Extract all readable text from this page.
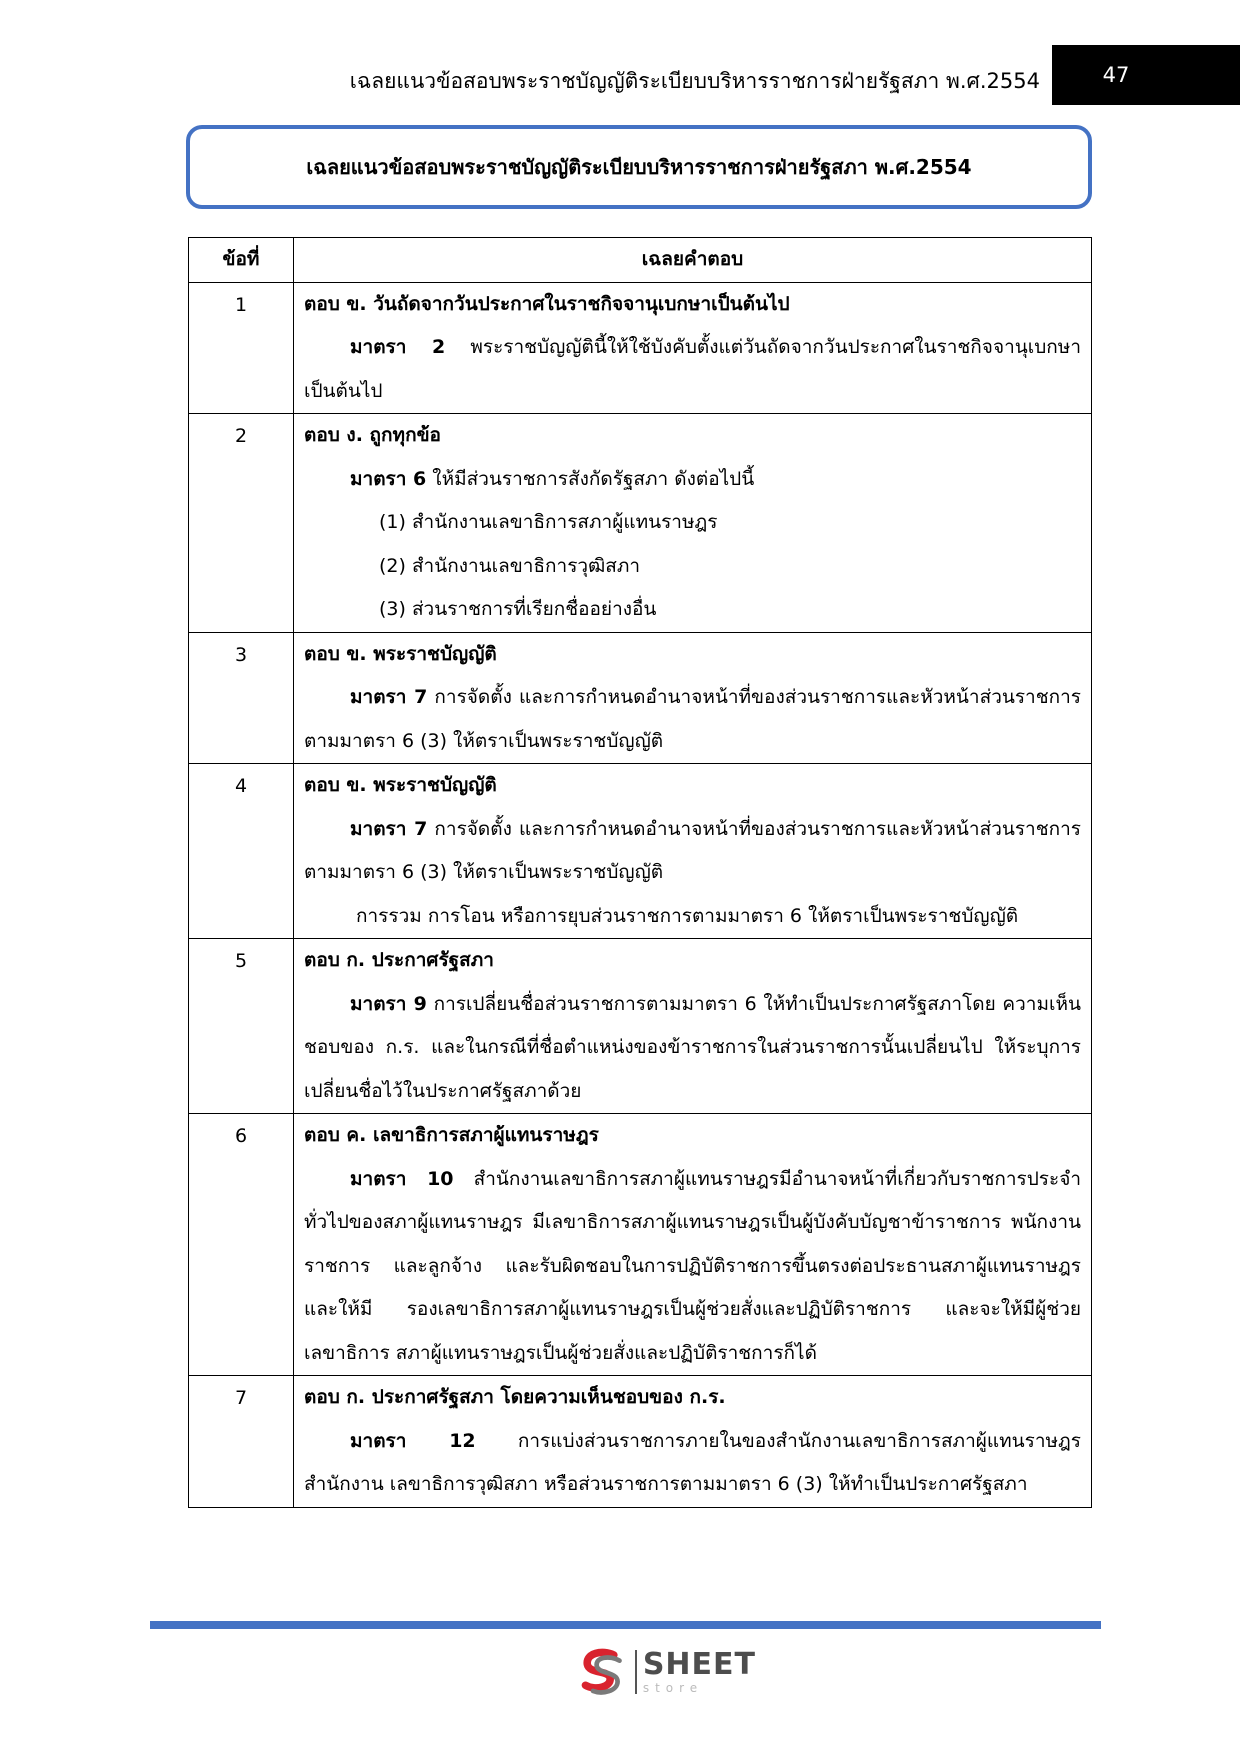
เฉลยแนวข้อสอบพระราชบัญญัติระเบียบบริหารราชการฝ่ายรัฐสภา พ.ศ.2554	47
เฉลยแนวข้อสอบพระราชบัญญัติระเบียบบริหารราชการฝ่ายรัฐสภา พ.ศ.2554
ข้อที่	เฉลยคำตอบ
1	ตอบ ข. วันถัดจากวันประกาศในราชกิจจานุเบกษาเป็นต้นไป
มาตรา 2 พระราชบัญญัตินี้ให้ใช้บังคับตั้งแต่วันถัดจากวันประกาศในราชกิจจานุเบกษา เป็นต้นไป

2	ตอบ ง. ถูกทุกข้อ
มาตรา 6 ให้มีส่วนราชการสังกัดรัฐสภา ดังต่อไปนี้
(1) สำนักงานเลขาธิการสภาผู้แทนราษฎร
(2) สำนักงานเลขาธิการวุฒิสภา
(3) ส่วนราชการที่เรียกชื่ออย่างอื่น

3	ตอบ ข. พระราชบัญญัติ
มาตรา 7 การจัดตั้ง และการกำหนดอำนาจหน้าที่ของส่วนราชการและหัวหน้าส่วนราชการ ตามมาตรา 6 (3) ให้ตราเป็นพระราชบัญญัติ

4	ตอบ ข. พระราชบัญญัติ
มาตรา 7 การจัดตั้ง และการกำหนดอำนาจหน้าที่ของส่วนราชการและหัวหน้าส่วนราชการตามมาตรา 6 (3) ให้ตราเป็นพระราชบัญญัติ
การรวม การโอน หรือการยุบส่วนราชการตามมาตรา 6 ให้ตราเป็นพระราชบัญญัติ

5	ตอบ ก. ประกาศรัฐสภา
มาตรา 9 การเปลี่ยนชื่อส่วนราชการตามมาตรา 6 ให้ทำเป็นประกาศรัฐสภาโดย ความเห็นชอบของ ก.ร. และในกรณีที่ชื่อตำแหน่งของข้าราชการในส่วนราชการนั้นเปลี่ยนไป ให้ระบุการเปลี่ยนชื่อไว้ในประกาศรัฐสภาด้วย

6	ตอบ ค. เลขาธิการสภาผู้แทนราษฎร
มาตรา 10 สำนักงานเลขาธิการสภาผู้แทนราษฎรมีอำนาจหน้าที่เกี่ยวกับราชการประจำ ทั่วไปของสภาผู้แทนราษฎร มีเลขาธิการสภาผู้แทนราษฎรเป็นผู้บังคับบัญชาข้าราชการ พนักงานราชการ และลูกจ้าง และรับผิดชอบในการปฏิบัติราชการขึ้นตรงต่อประธานสภาผู้แทนราษฎร และให้มี รองเลขาธิการสภาผู้แทนราษฎรเป็นผู้ช่วยสั่งและปฏิบัติราชการ และจะให้มีผู้ช่วยเลขาธิการ สภาผู้แทนราษฎรเป็นผู้ช่วยสั่งและปฏิบัติราชการก็ได้

7	ตอบ ก. ประกาศรัฐสภา โดยความเห็นชอบของ ก.ร.
มาตรา 12 การแบ่งส่วนราชการภายในของสำนักงานเลขาธิการสภาผู้แทนราษฎร สำนักงาน เลขาธิการวุฒิสภา หรือส่วนราชการตามมาตรา 6 (3) ให้ทำเป็นประกาศรัฐสภา
SHEET
store
